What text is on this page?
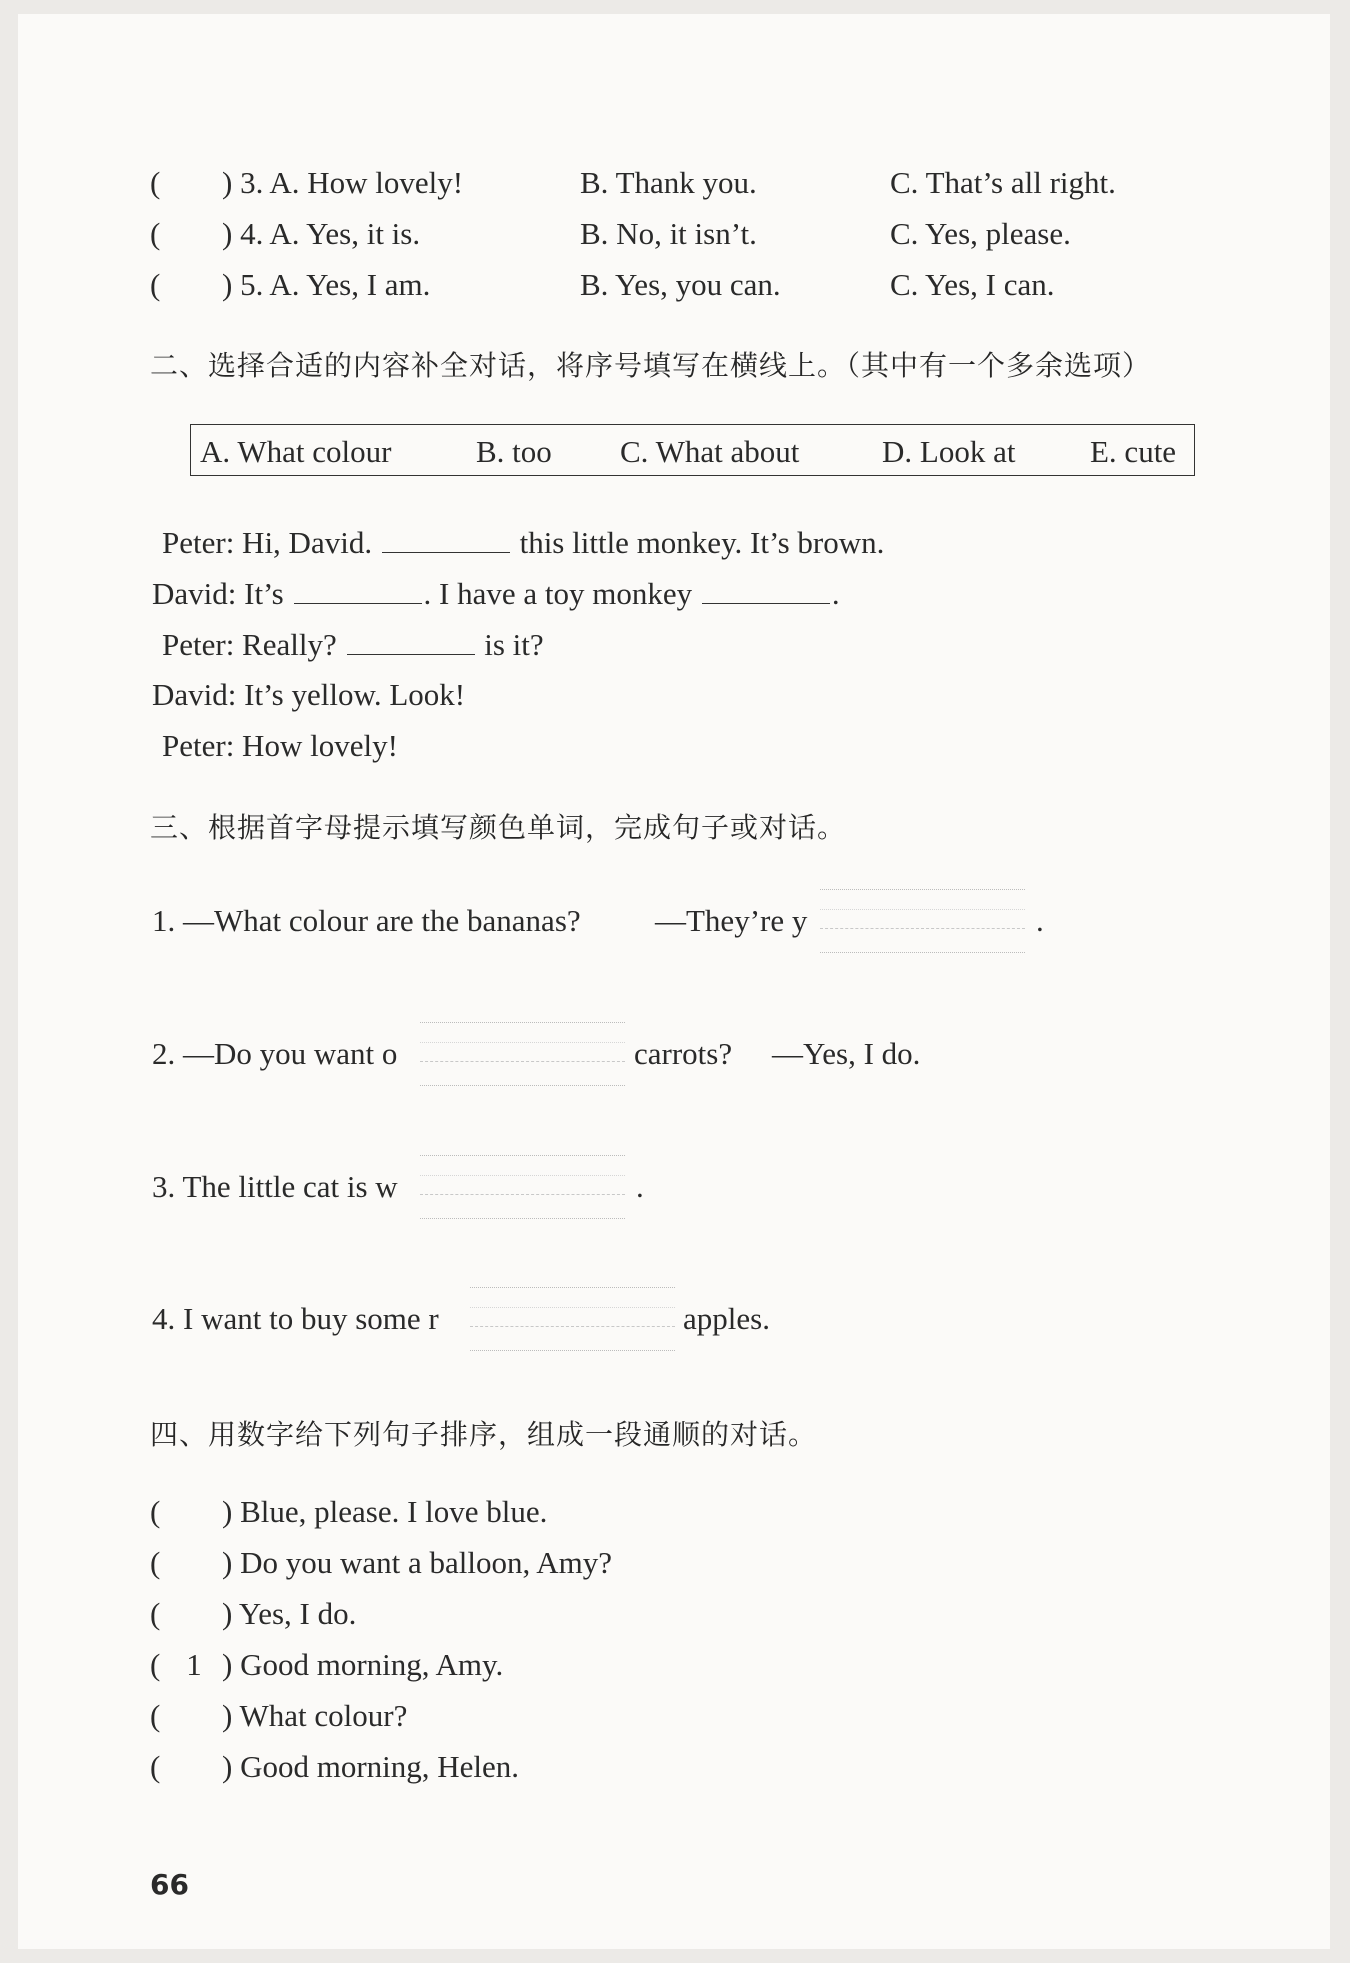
( ) 3. A. How lovely!	B. Thank you.	C. That’s all right.
( ) 4. A. Yes, it is.	B. No, it isn’t.	C. Yes, please.
( ) 5. A. Yes, I am.	B. Yes, you can.	C. Yes, I can.
二、选择合适的内容补全对话，将序号填写在横线上。（其中有一个多余选项）
A. What colour	B. too C. What about	D. Look at E. cute
Peter: Hi, David.	this little monkey. It’s brown.
David: It’s	. I have a toy monkey	.
Peter: Really?	is it?
David: It’s yellow. Look!
Peter: How lovely!
三、根据首字母提示填写颜色单词，完成句子或对话。
1. —What colour are the bananas? —They’re y	.
2. —Do you want o	carrots? —Yes, I do.
3. The little cat is w	.
4. I want to buy some r	apples.
四、用数字给下列句子排序，组成一段通顺的对话。
( ) Blue, please. I love blue.
( ) Do you want a balloon, Amy?
( ) Yes, I do.
( 1 ) Good morning, Amy.
( ) What colour?
( ) Good morning, Helen.
66
